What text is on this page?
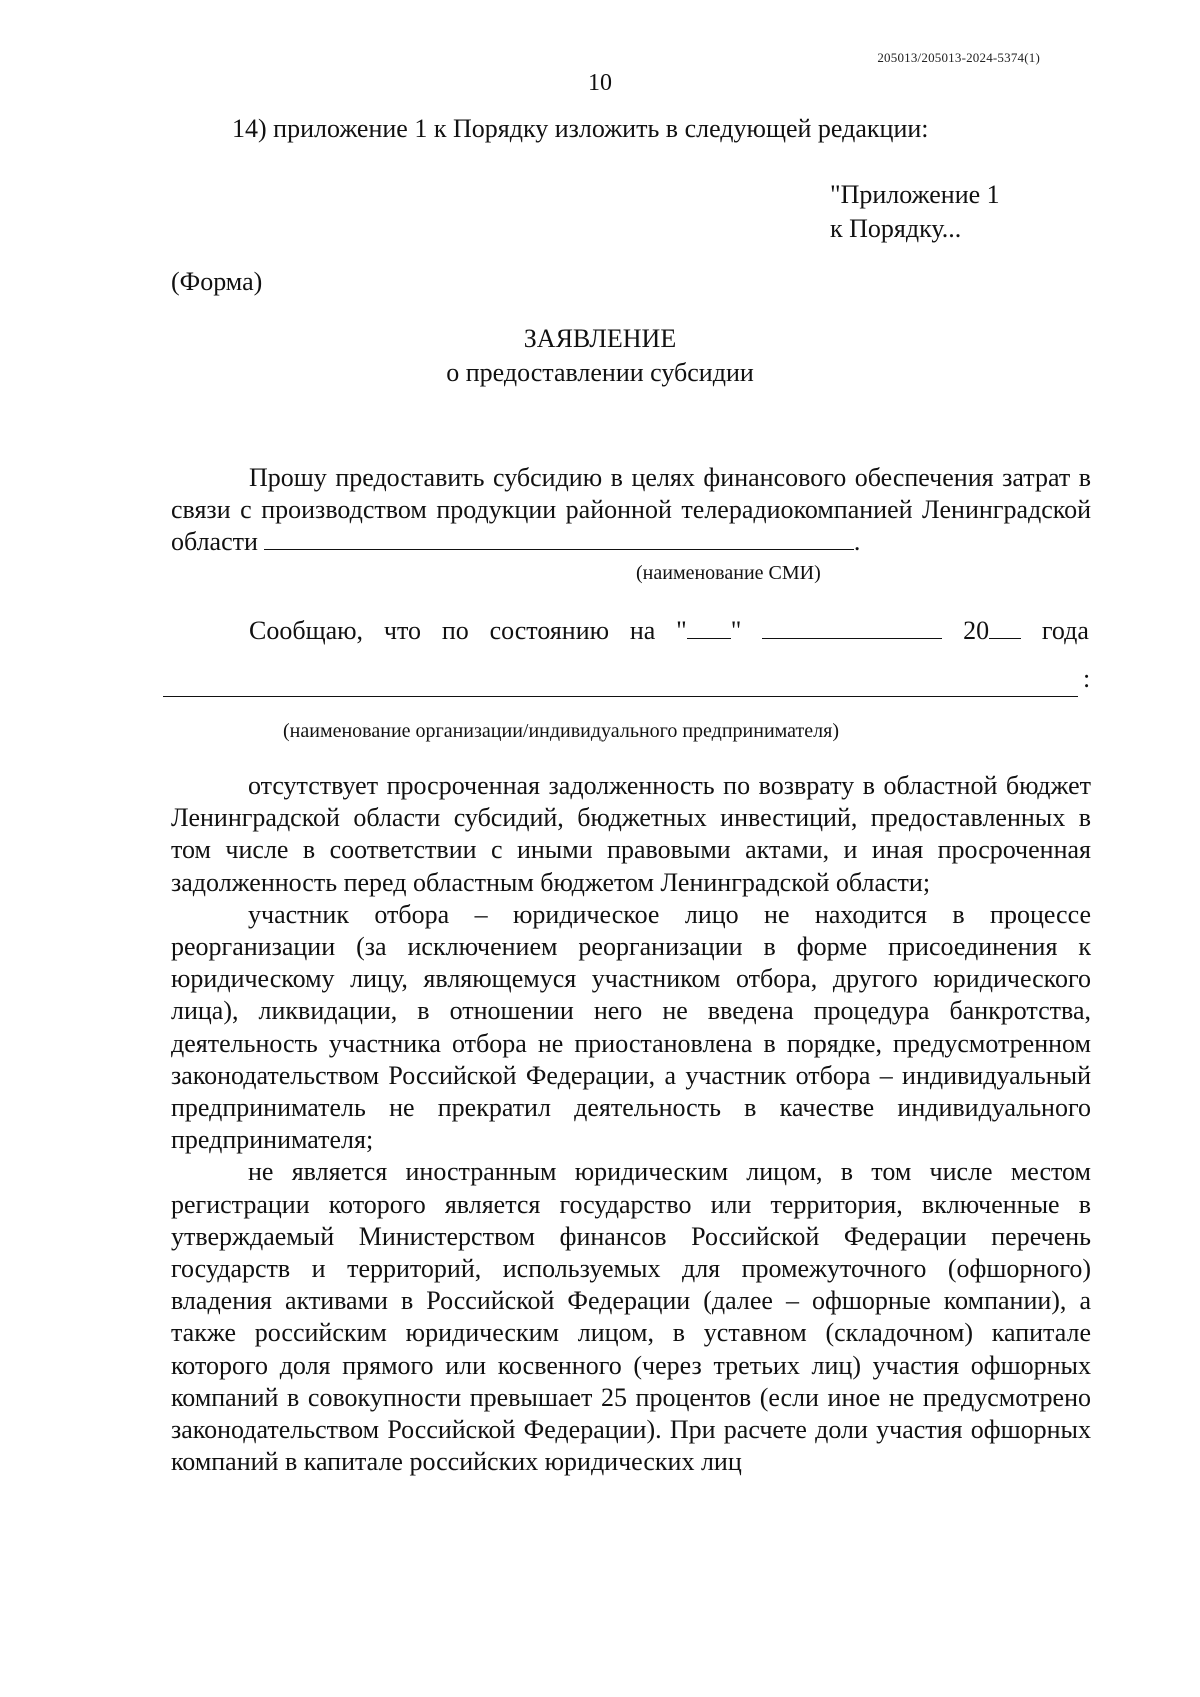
205013/205013-2024-5374(1)
10
14) приложение 1 к Порядку изложить в следующей редакции:
"Приложение 1
к Порядку...
(Форма)
ЗАЯВЛЕНИЕ
о предоставлении субсидии
Прошу предоставить субсидию в целях финансового обеспечения затрат в связи с производством продукции районной телерадиокомпанией Ленинградской области	.
(наименование СМИ)
Сообщаю, что по состоянию на " "	20	года
:
(наименование организации/индивидуального предпринимателя)

отсутствует просроченная задолженность по возврату в областной бюджет Ленинградской области субсидий, бюджетных инвестиций, предоставленных в том числе в соответствии с иными правовыми актами, и иная просроченная задолженность перед областным бюджетом Ленинградской области;

участник отбора – юридическое лицо не находится в процессе реорганизации (за исключением реорганизации в форме присоединения к юридическому лицу, являющемуся участником отбора, другого юридического лица), ликвидации, в отношении него не введена процедура банкротства, деятельность участника отбора не приостановлена в порядке, предусмотренном законодательством Российской Федерации, а участник отбора – индивидуальный предприниматель не прекратил деятельность в качестве индивидуального предпринимателя;

не является иностранным юридическим лицом, в том числе местом регистрации которого является государство или территория, включенные в утверждаемый Министерством финансов Российской Федерации перечень государств и территорий, используемых для промежуточного (офшорного) владения активами в Российской Федерации (далее – офшорные компании), а также российским юридическим лицом, в уставном (складочном) капитале которого доля прямого или косвенного (через третьих лиц) участия офшорных компаний в совокупности превышает 25 процентов (если иное не предусмотрено законодательством Российской Федерации). При расчете доли участия офшорных компаний в капитале российских юридических лиц
